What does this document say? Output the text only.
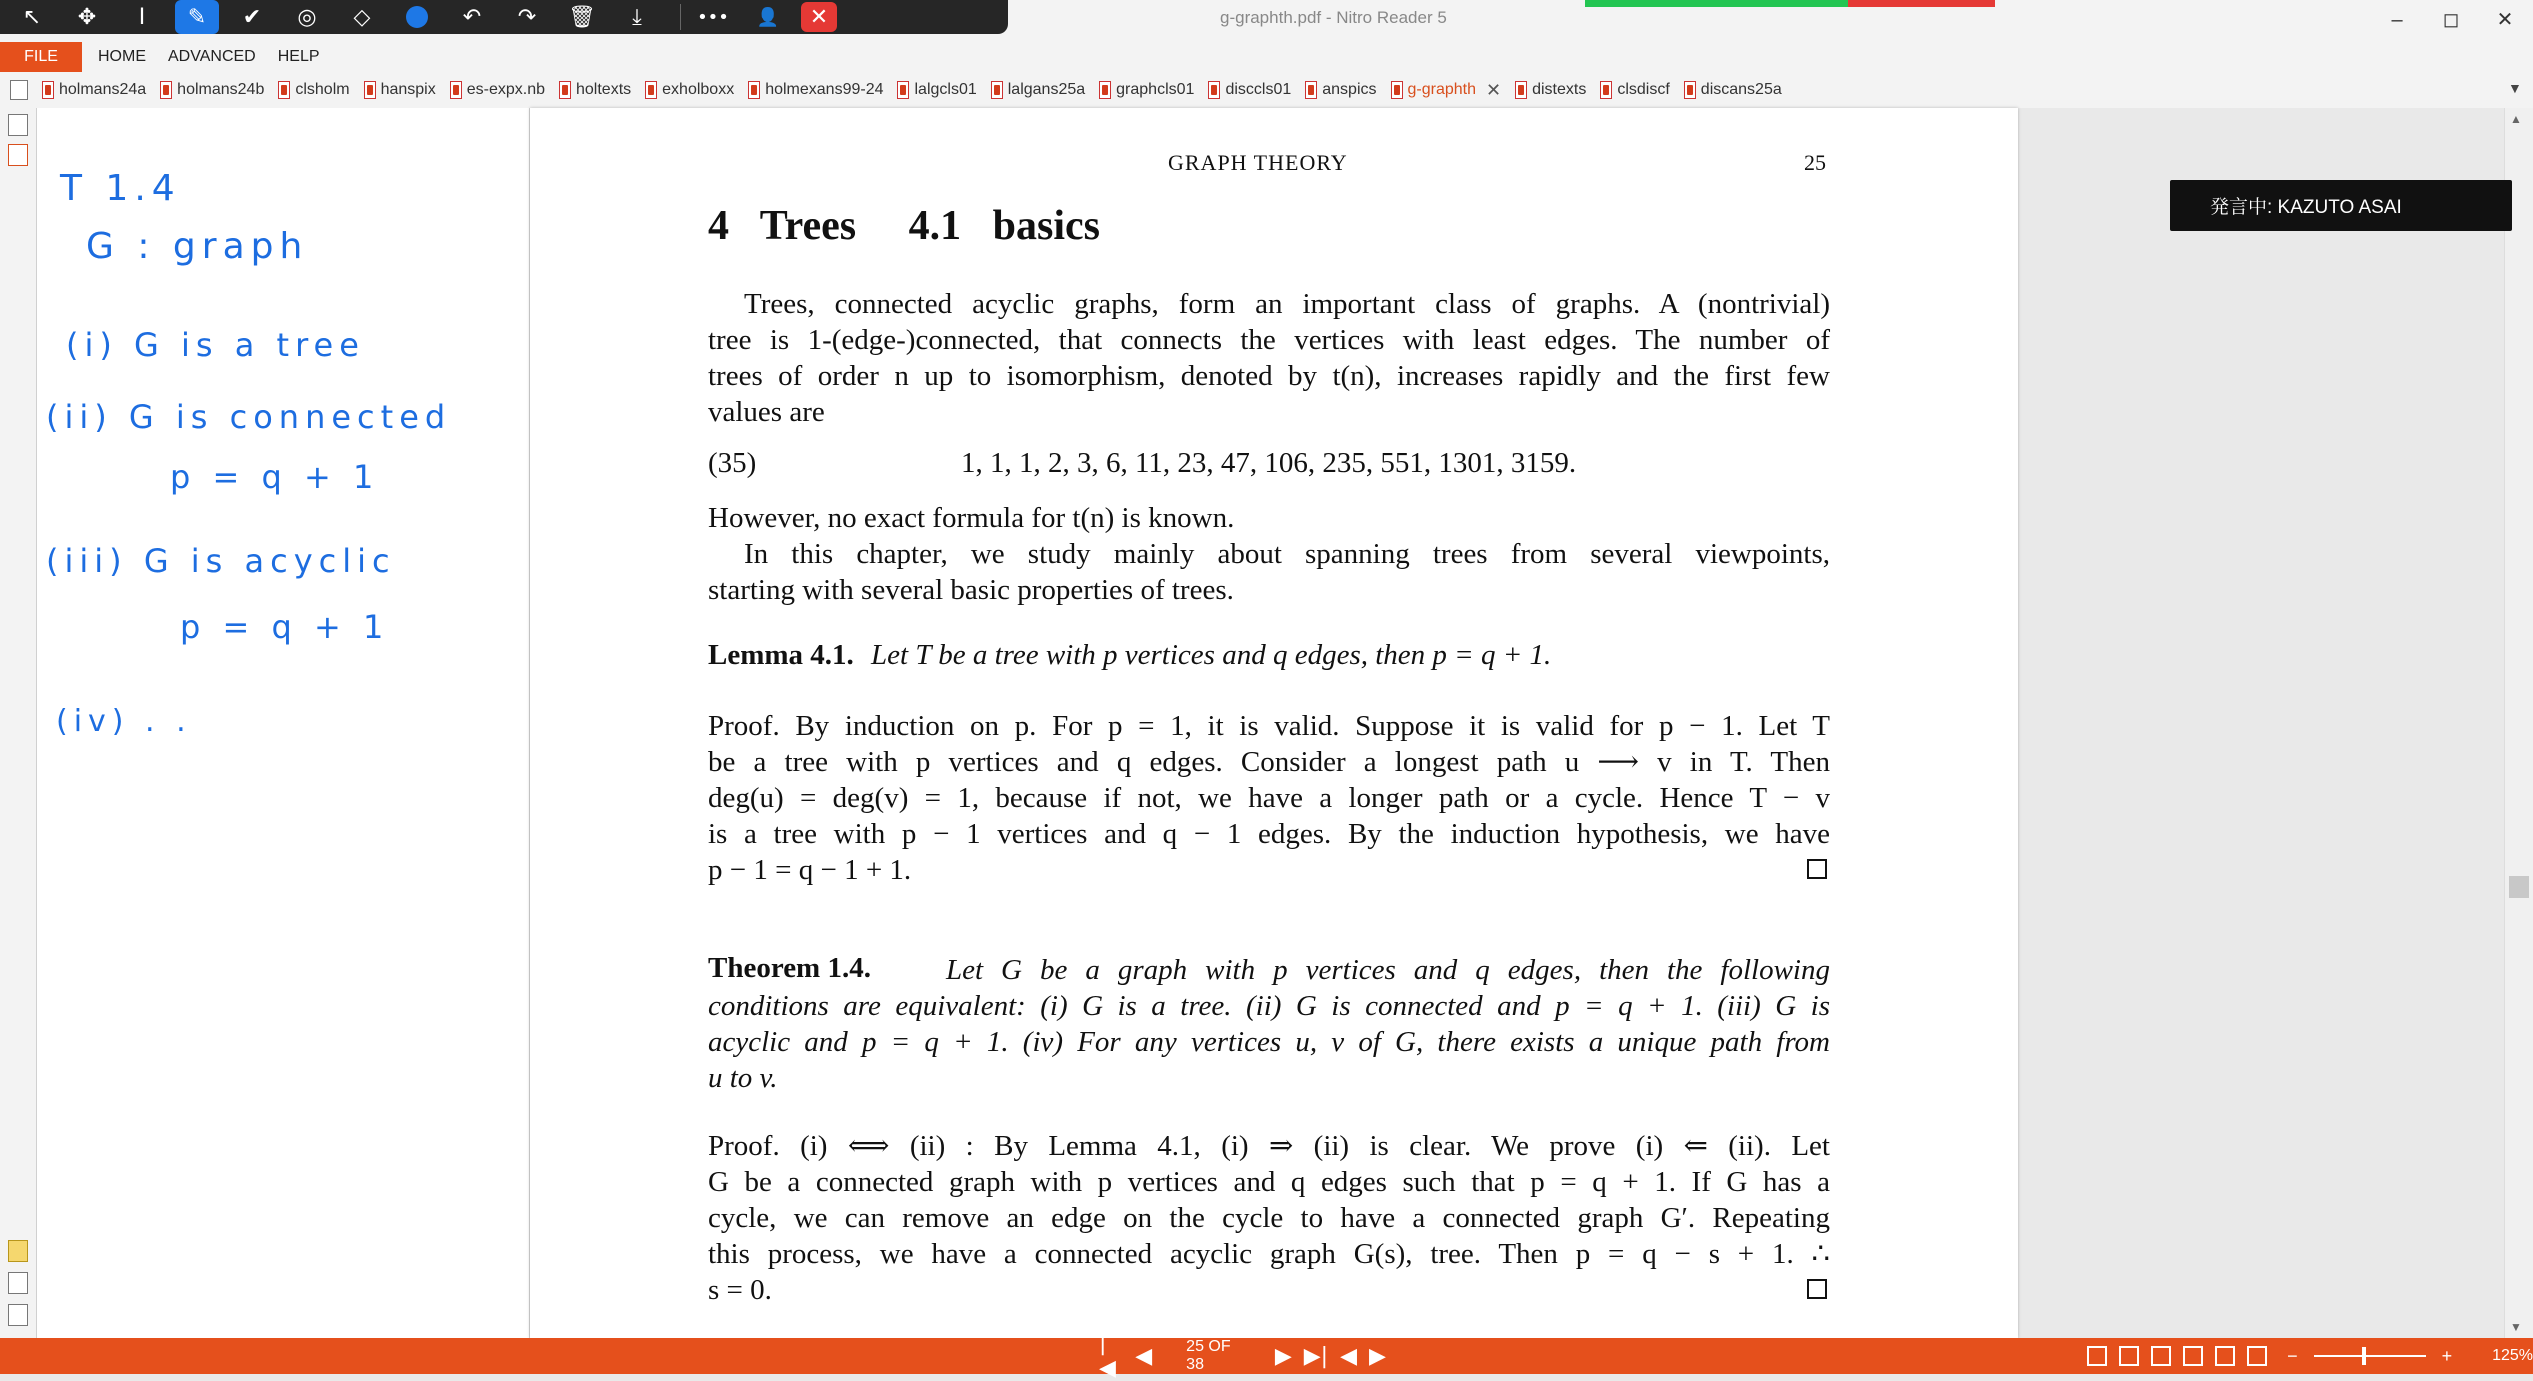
g-graphth.pdf - Nitro Reader 5	–	◻	✕
↖	✥	I	✎	✔	◎	◇	↶	↷	🗑	⤓	•••	👤	✕
FILE	HOME ADVANCED HELP
holmans24a holmans24b clsholm hanspix es-expx.nb holtexts exholboxx holmexans99-24 lalgcls01 lalgans25a graphcls01 disccls01 anspics g-graphth ✕ distexts clsdiscf discans25a	▼
T 1.4
G : graph
(i) G is a tree
(ii) G is connected
p = q + 1
(iii) G is acyclic
p = q + 1
(iv) . .
GRAPH THEORY	25
4   Trees     4.1   basics
Trees, connected acyclic graphs, form an important class of graphs. A (nontrivial)
tree is 1-(edge-)connected, that connects the vertices with least edges. The number of
trees of order n up to isomorphism, denoted by t(n), increases rapidly and the first few
values are
(35)	1, 1, 1, 2, 3, 6, 11, 23, 47, 106, 235, 551, 1301, 3159.
However, no exact formula for t(n) is known.
In this chapter, we study mainly about spanning trees from several viewpoints,
starting with several basic properties of trees.
Lemma 4.1. Let T be a tree with p vertices and q edges, then p = q + 1.
Proof. By induction on p. For p = 1, it is valid. Suppose it is valid for p − 1. Let T
be a tree with p vertices and q edges. Consider a longest path u ⟶ v in T. Then
deg(u) = deg(v) = 1, because if not, we have a longer path or a cycle. Hence T − v
is a tree with p − 1 vertices and q − 1 edges. By the induction hypothesis, we have
p − 1 = q − 1 + 1.
Theorem 1.4.	Let G be a graph with p vertices and q edges, then the following
conditions are equivalent: (i) G is a tree. (ii) G is connected and p = q + 1. (iii) G is
acyclic and p = q + 1. (iv) For any vertices u, v of G, there exists a unique path from
u to v.
Proof. (i) ⟺ (ii) : By Lemma 4.1, (i) ⇒ (ii) is clear. We prove (i) ⇐ (ii). Let
G be a connected graph with p vertices and q edges such that p = q + 1. If G has a
cycle, we can remove an edge on the cycle to have a connected graph G′. Repeating
this process, we have a connected acyclic graph G(s), tree. Then p = q − s + 1. ∴
s = 0.
▲
▼
発言中: KAZUTO ASAI
|◀ ◀ 25 OF 38	▶ ▶| ◀ ▶	−	+	125%
